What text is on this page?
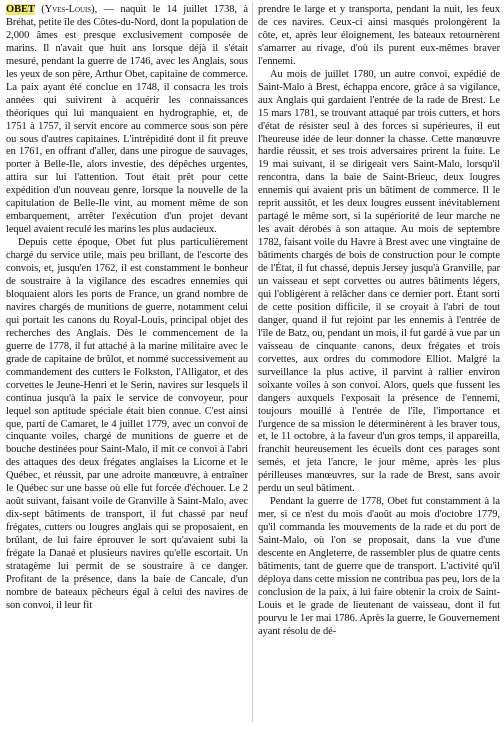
OBET (Yves-Louis), — naquit le 14 juillet 1738, à Bréhat, petite île des Côtes-du-Nord, dont la population de 2,000 âmes est presque exclusivement composée de marins. Il n'avait que huit ans lorsque déjà il s'était mesuré, pendant la guerre de 1746, avec les Anglais, sous les yeux de son père, Arthur Obet, capitaine de commerce. La paix ayant été conclue en 1748, il consacra les trois années qui suivirent à acquérir les connaissances théoriques qui lui manquaient en hydrographie, et, de 1751 à 1757, il servit encore au commerce sous son père ou sous d'autres capitaines. L'intrépidité dont il fit preuve en 1761, en offrant d'aller, dans une pirogue de sauvages, porter à Belle-Ile, alors investie, des dépêches urgentes, attira sur lui l'attention. Tout était prêt pour cette expédition d'un nouveau genre, lorsque la nouvelle de la capitulation de Belle-Ile vint, au moment même de son embarquement, arrêter l'exécution d'un projet devant lequel avaient reculé les marins les plus audacieux.

Depuis cette époque, Obet fut plus particulièrement chargé du service utile, mais peu brillant, de l'escorte des convois, et, jusqu'en 1762, il est constamment le bonheur de soustraire à la vigilance des escadres ennemies qui bloquaient alors les ports de France, un grand nombre de navires chargés de munitions de guerre, notamment celui qui portait les canons du Royal-Louis, principal objet des recherches des Anglais. Dès le commencement de la guerre de 1778, il fut attaché à la marine militaire avec le grade de capitaine de brûlot, et nommé successivement au commandement des cutters le Folkston, l'Alligator, et des corvettes le Jeune-Henri et le Serin, navires sur lesquels il continua jusqu'à la paix le service de convoyeur, pour lequel son aptitude spéciale était bien connue. C'est ainsi que, parti de Camaret, le 4 juillet 1779, avec un convoi de cinquante voiles, chargé de munitions de guerre et de bouche destinées pour Saint-Malo, il mit ce convoi à l'abri des attaques des deux frégates anglaises la Licorne et le Québec, et réussit, par une adroite manœuvre, à entraîner le Québec sur une basse où elle fut forcée d'échouer. Le 2 août suivant, faisant voile de Granville à Saint-Malo, avec dix-sept bâtiments de transport, il fut chassé par neuf frégates, cutters ou lougres anglais qui se proposaient, en brûlant, de lui faire éprouver le sort qu'avaient subi la frégate la Danaé et plusieurs navires qu'elle escortait. Un stratagème lui permit de se soustraire à ce danger. Profitant de la présence, dans la baie de Cancale, d'un nombre de bateaux pêcheurs égal à celui des navires de son convoi, il leur fit

prendre le large et y transporta, pendant la nuit, les feux de ces navires. Ceux-ci ainsi masqués prolongèrent la côte, et, après leur éloignement, les bateaux retournèrent s'amarrer au rivage, d'où ils purent eux-mêmes braver l'ennemi.

Au mois de juillet 1780, un autre convoi, expédié de Saint-Malo à Brest, échappa encore, grâce à sa vigilance, aux Anglais qui gardaient l'entrée de la rade de Brest. Le 15 mars 1781, se trouvant attaqué par trois cutters, et hors d'état de résister seul à des forces si supérieures, il eut l'heureuse idée de leur donner la chasse. Cette manœuvre hardie réussit, et ses trois adversaires prirent la fuite. Le 19 mai suivant, il se dirigeait vers Saint-Malo, lorsqu'il rencontra, dans la baie de Saint-Brieuc, deux lougres ennemis qui avaient pris un bâtiment de commerce. Il le reprit aussitôt, et les deux lougres eussent inévitablement partagé le même sort, si la supériorité de leur marche ne les avait dérobés à son attaque. Au mois de septembre 1782, faisant voile du Havre à Brest avec une vingtaine de bâtiments chargés de bois de construction pour le compte de l'État, il fut chassé, depuis Jersey jusqu'à Granville, par un vaisseau et sept corvettes ou autres bâtiments légers, qui l'obligèrent à relâcher dans ce dernier port. Étant sorti de cette position difficile, il se croyait à l'abri de tout danger, quand il fut rejoint par les ennemis à l'entrée de l'île de Batz, ou, pendant un mois, il fut gardé à vue par un vaisseau de cinquante canons, deux frégates et trois corvettes, aux ordres du commodore Elliot. Malgré la surveillance la plus active, il parvint à rallier environ soixante voiles à son convoi. Alors, quels que fussent les dangers auxquels l'exposait la présence de l'ennemi, toujours mouillé à l'entrée de l'île, l'importance et l'urgence de sa mission le déterminèrent à les braver tous, et, le 11 octobre, à la faveur d'un gros temps, il appareilla, franchit heureusement les écueils dont ces parages sont semés, et jeta l'ancre, le jour même, après les plus périlleuses manœuvres, sur la rade de Brest, sans avoir perdu un seul bâtiment.

Pendant la guerre de 1778, Obet fut constamment à la mer, si ce n'est du mois d'août au mois d'octobre 1779, qu'il commanda les mouvements de la rade et du port de Saint-Malo, où l'on se proposait, dans la vue d'une descente en Angleterre, de rassembler plus de quatre cents bâtiments, tant de guerre que de transport. L'activité qu'il déploya dans cette mission ne contribua pas peu, lors de la conclusion de la paix, à lui faire obtenir la croix de Saint-Louis et le grade de lieutenant de vaisseau, dont il fut pourvu le 1er mai 1786. Après la guerre, le Gouvernement ayant résolu de dé-
